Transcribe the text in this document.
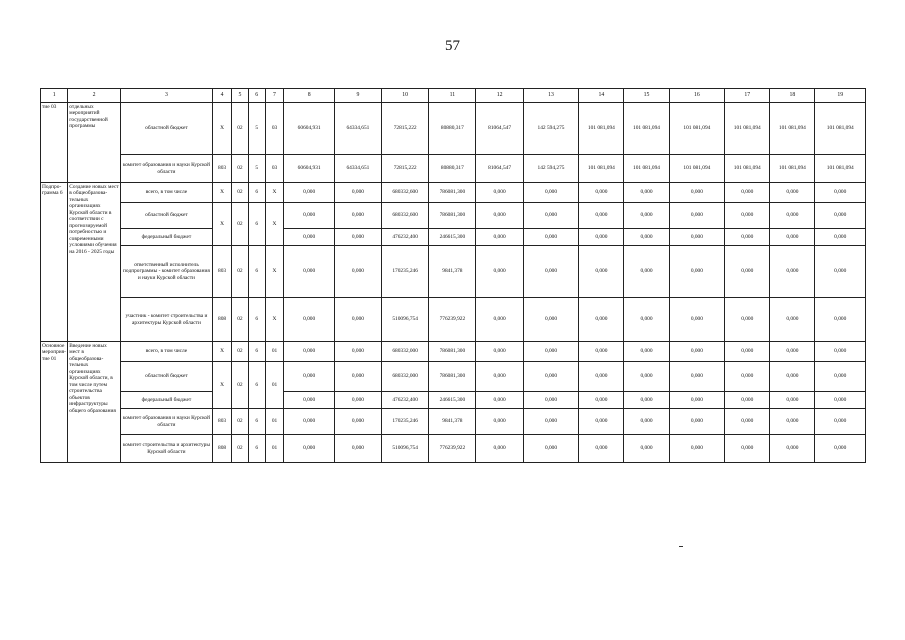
57
1	2	3	4	5	6	7	8	9	10	11	12	13	14	15	16	17	18	19
тие 03	отдельных мероприятий государственной программы	областной бюджет	X	02	5	03	60604,931	64334,651	72815,222	80880,317	81064,547	142 594,275	101 081,094	101 081,094	101 081,094	101 081,094	101 081,094	101 081,094
		комитет образования и науки Курской области	803	02	5	03	60604,931	64334,651	72815,222	80880,317	81064,547	142 594,275	101 081,094	101 081,094	101 081,094	101 081,094	101 081,094	101 081,094
Подпро-грамма 6	Создание новых мест в общеобразова-тельных организациях Курской области в соответствии с прогнозируемой потребностью и современными условиями обучения на 2016 - 2025 годы	всего, в том числе	X	02	6	X	0,000	0,000	680332,600	786081,300	0,000	0,000	0,000	0,000	0,000	0,000	0,000	0,000
		областной бюджет	X	02	6	X	0,000	0,000	680332,600	786081,300	0,000	0,000	0,000	0,000	0,000	0,000	0,000	0,000
		федеральный бюджет					0,000	0,000	476232,400	246615,300	0,000	0,000	0,000	0,000	0,000	0,000	0,000	0,000
		ответственный исполнитель подпрограммы - комитет образования и науки Курской области	803	02	6	X	0,000	0,000	170235,246	9841,378	0,000	0,000	0,000	0,000	0,000	0,000	0,000	0,000
		участник - комитет строительства и архитектуры Курской области	808	02	6	X	0,000	0,000	510096,754	776239,922	0,000	0,000	0,000	0,000	0,000	0,000	0,000	0,000
Основное мероприя-тие 01	Введение новых мест в общеобразова-тельных организациях Курской области, в том числе путем строительства объектов инфраструктуры общего образования	всего, в том числе	X	02	6	01	0,000	0,000	680332,000	786081,300	0,000	0,000	0,000	0,000	0,000	0,000	0,000	0,000
		областной бюджет	X	02	6	01	0,000	0,000	680332,000	786081,300	0,000	0,000	0,000	0,000	0,000	0,000	0,000	0,000
		федеральный бюджет					0,000	0,000	476232,400	246615,300	0,000	0,000	0,000	0,000	0,000	0,000	0,000	0,000
		комитет образования и науки Курской области	803	02	6	01	0,000	0,000	170235,246	9841,378	0,000	0,000	0,000	0,000	0,000	0,000	0,000	0,000
		комитет строительства и архитектуры Курской области	808	02	6	01	0,000	0,000	510096,754	776239,922	0,000	0,000	0,000	0,000	0,000	0,000	0,000	0,000
